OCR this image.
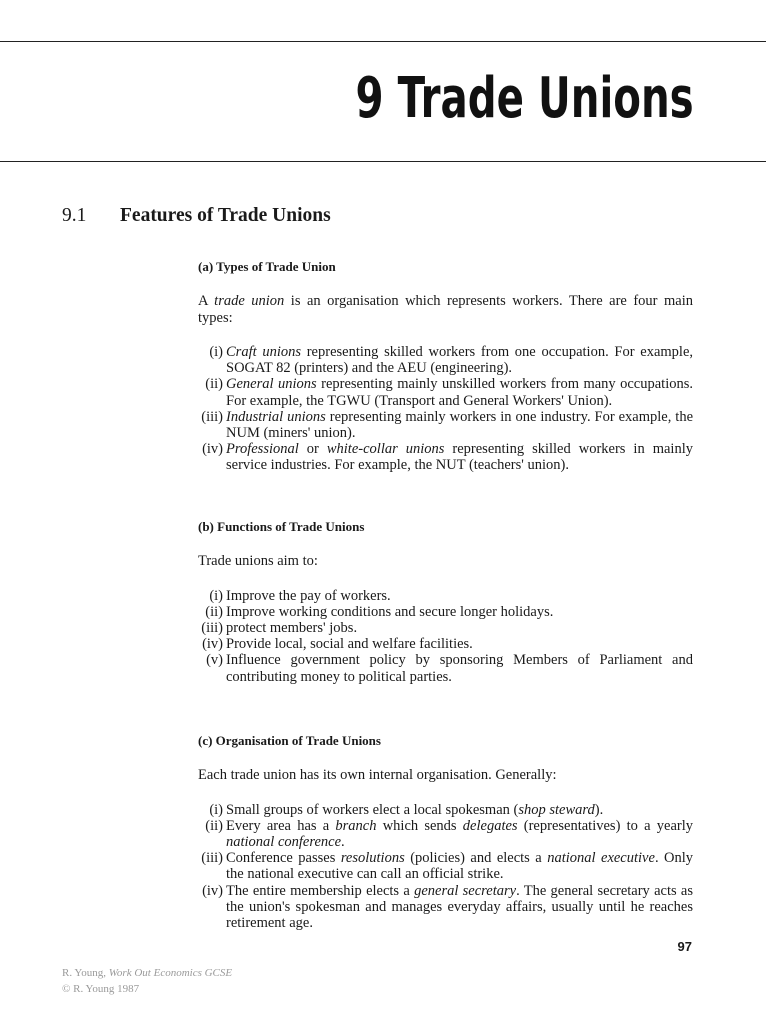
9 Trade Unions
9.1 Features of Trade Unions
(a) Types of Trade Union

A trade union is an organisation which represents workers. There are four main types:

(i) Craft unions representing skilled workers from one occupation. For example, SOGAT 82 (printers) and the AEU (engineering).
(ii) General unions representing mainly unskilled workers from many occupations. For example, the TGWU (Transport and General Workers' Union).
(iii) Industrial unions representing mainly workers in one industry. For example, the NUM (miners' union).
(iv) Professional or white-collar unions representing skilled workers in mainly service industries. For example, the NUT (teachers' union).
(b) Functions of Trade Unions

Trade unions aim to:

(i) Improve the pay of workers.
(ii) Improve working conditions and secure longer holidays.
(iii) protect members' jobs.
(iv) Provide local, social and welfare facilities.
(v) Influence government policy by sponsoring Members of Parliament and contributing money to political parties.
(c) Organisation of Trade Unions

Each trade union has its own internal organisation. Generally:

(i) Small groups of workers elect a local spokesman (shop steward).
(ii) Every area has a branch which sends delegates (representatives) to a yearly national conference.
(iii) Conference passes resolutions (policies) and elects a national executive. Only the national executive can call an official strike.
(iv) The entire membership elects a general secretary. The general secretary acts as the union's spokesman and manages everyday affairs, usually until he reaches retirement age.
97
R. Young, Work Out Economics GCSE
© R. Young 1987
